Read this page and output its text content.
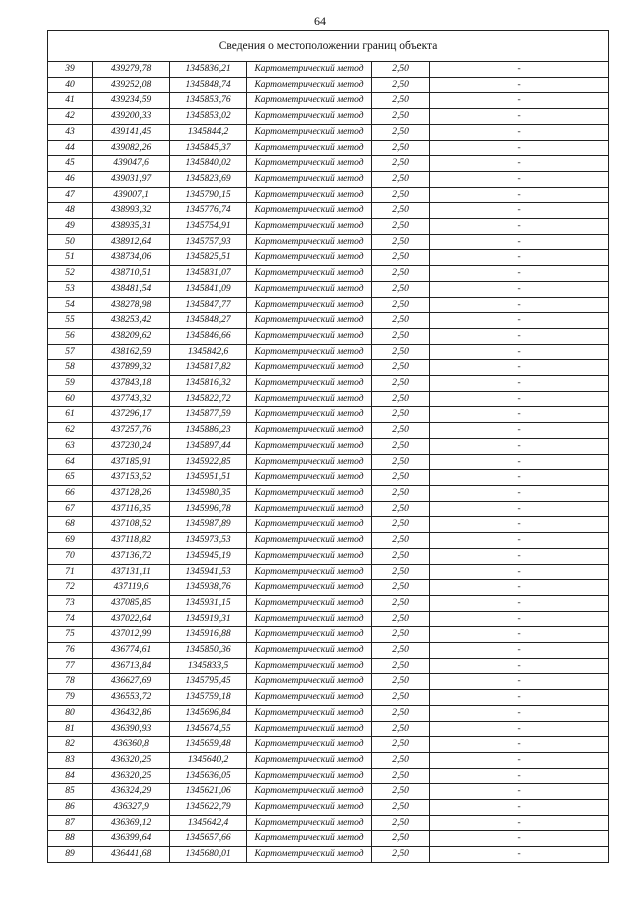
64
Сведения о местоположении границ объекта					
39	439279,78	1345836,21	Картометрический метод	2,50	-
40	439252,08	1345848,74	Картометрический метод	2,50	-
41	439234,59	1345853,76	Картометрический метод	2,50	-
42	439200,33	1345853,02	Картометрический метод	2,50	-
43	439141,45	1345844,2	Картометрический метод	2,50	-
44	439082,26	1345845,37	Картометрический метод	2,50	-
45	439047,6	1345840,02	Картометрический метод	2,50	-
46	439031,97	1345823,69	Картометрический метод	2,50	-
47	439007,1	1345790,15	Картометрический метод	2,50	-
48	438993,32	1345776,74	Картометрический метод	2,50	-
49	438935,31	1345754,91	Картометрический метод	2,50	-
50	438912,64	1345757,93	Картометрический метод	2,50	-
51	438734,06	1345825,51	Картометрический метод	2,50	-
52	438710,51	1345831,07	Картометрический метод	2,50	-
53	438481,54	1345841,09	Картометрический метод	2,50	-
54	438278,98	1345847,77	Картометрический метод	2,50	-
55	438253,42	1345848,27	Картометрический метод	2,50	-
56	438209,62	1345846,66	Картометрический метод	2,50	-
57	438162,59	1345842,6	Картометрический метод	2,50	-
58	437899,32	1345817,82	Картометрический метод	2,50	-
59	437843,18	1345816,32	Картометрический метод	2,50	-
60	437743,32	1345822,72	Картометрический метод	2,50	-
61	437296,17	1345877,59	Картометрический метод	2,50	-
62	437257,76	1345886,23	Картометрический метод	2,50	-
63	437230,24	1345897,44	Картометрический метод	2,50	-
64	437185,91	1345922,85	Картометрический метод	2,50	-
65	437153,52	1345951,51	Картометрический метод	2,50	-
66	437128,26	1345980,35	Картометрический метод	2,50	-
67	437116,35	1345996,78	Картометрический метод	2,50	-
68	437108,52	1345987,89	Картометрический метод	2,50	-
69	437118,82	1345973,53	Картометрический метод	2,50	-
70	437136,72	1345945,19	Картометрический метод	2,50	-
71	437131,11	1345941,53	Картометрический метод	2,50	-
72	437119,6	1345938,76	Картометрический метод	2,50	-
73	437085,85	1345931,15	Картометрический метод	2,50	-
74	437022,64	1345919,31	Картометрический метод	2,50	-
75	437012,99	1345916,88	Картометрический метод	2,50	-
76	436774,61	1345850,36	Картометрический метод	2,50	-
77	436713,84	1345833,5	Картометрический метод	2,50	-
78	436627,69	1345795,45	Картометрический метод	2,50	-
79	436553,72	1345759,18	Картометрический метод	2,50	-
80	436432,86	1345696,84	Картометрический метод	2,50	-
81	436390,93	1345674,55	Картометрический метод	2,50	-
82	436360,8	1345659,48	Картометрический метод	2,50	-
83	436320,25	1345640,2	Картометрический метод	2,50	-
84	436320,25	1345636,05	Картометрический метод	2,50	-
85	436324,29	1345621,06	Картометрический метод	2,50	-
86	436327,9	1345622,79	Картометрический метод	2,50	-
87	436369,12	1345642,4	Картометрический метод	2,50	-
88	436399,64	1345657,66	Картометрический метод	2,50	-
89	436441,68	1345680,01	Картометрический метод	2,50	-
